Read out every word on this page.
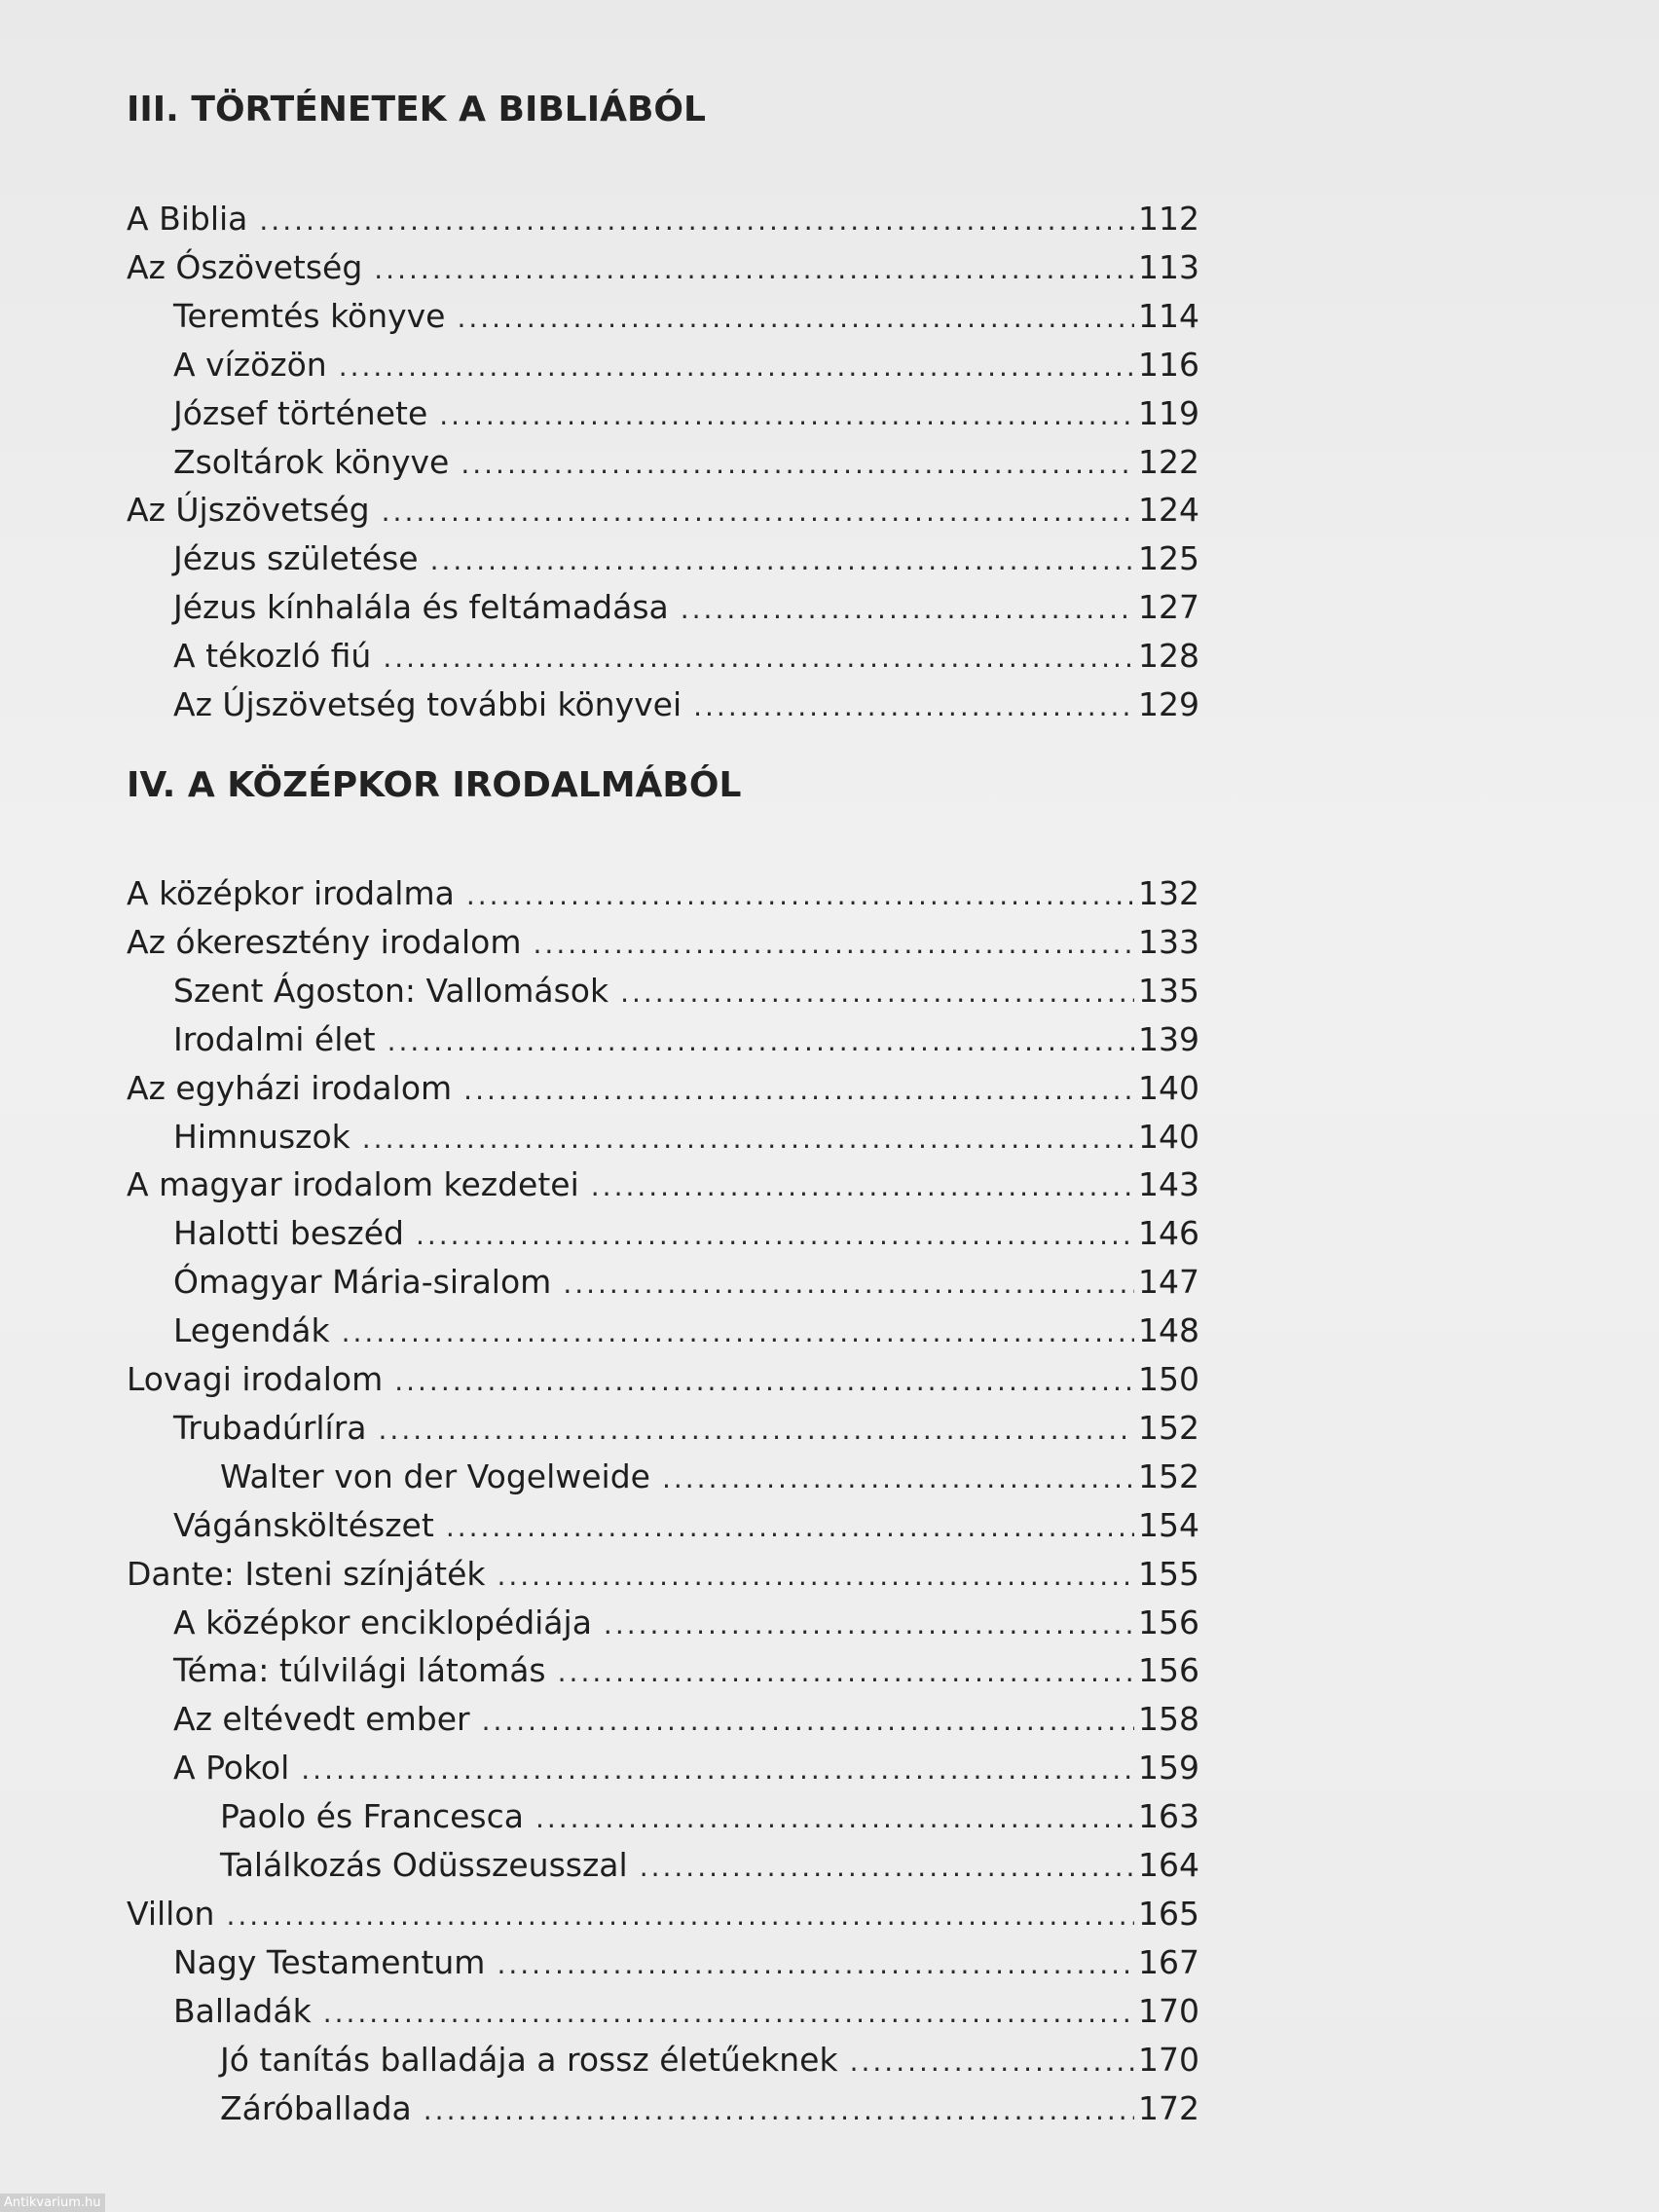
III. TÖRTÉNETEK A BIBLIÁBÓL
A Biblia .....	112
Az Ószövetség .....	113
Teremtés könyve .....	114
A vízözön .....	116
József története .....	119
Zsoltárok könyve .....	122
Az Újszövetség .....	124
Jézus születése .....	125
Jézus kínhalála és feltámadása .....	127
A tékozló fiú .....	128
Az Újszövetség további könyvei .....	129
IV. A KÖZÉPKOR IRODALMÁBÓL
A középkor irodalma .....	132
Az ókeresztény irodalom .....	133
Szent Ágoston: Vallomások .....	135
Irodalmi élet .....	139
Az egyházi irodalom .....	140
Himnuszok .....	140
A magyar irodalom kezdetei .....	143
Halotti beszéd .....	146
Ómagyar Mária-siralom .....	147
Legendák .....	148
Lovagi irodalom .....	150
Trubadúrlíra .....	152
Walter von der Vogelweide .....	152
Vágánsköltészet .....	154
Dante: Isteni színjáték .....	155
A középkor enciklopédiája .....	156
Téma: túlvilági látomás .....	156
Az eltévedt ember .....	158
A Pokol .....	159
Paolo és Francesca .....	163
Találkozás Odüsszeusszal .....	164
Villon .....	165
Nagy Testamentum .....	167
Balladák .....	170
Jó tanítás balladája a rossz életűeknek .....	170
Záróballada .....	172
Antikvarium.hu
